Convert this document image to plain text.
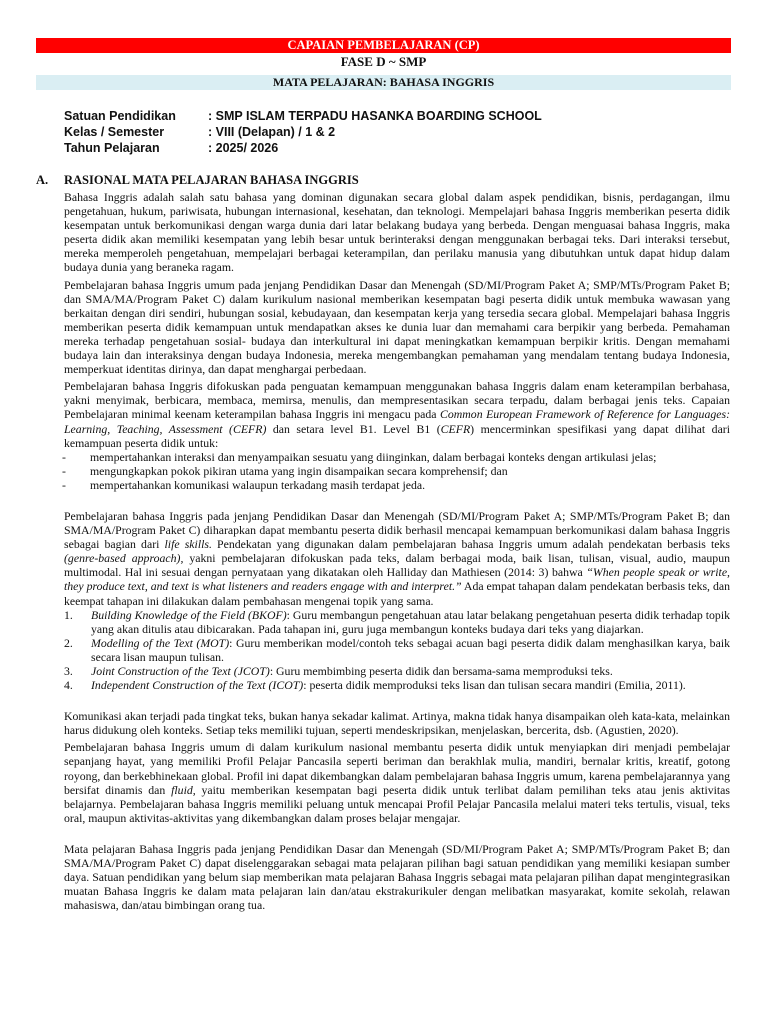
CAPAIAN PEMBELAJARAN (CP)
FASE D ~ SMP
MATA PELAJARAN: BAHASA INGGRIS
Satuan Pendidikan	: SMP ISLAM TERPADU HASANKA BOARDING SCHOOL
Kelas / Semester	: VIII (Delapan) / 1 & 2
Tahun Pelajaran	: 2025/ 2026
A. RASIONAL MATA PELAJARAN BAHASA INGGRIS

Bahasa Inggris adalah salah satu bahasa yang dominan digunakan secara global dalam aspek pendidikan, bisnis, perdagangan, ilmu pengetahuan, hukum, pariwisata, hubungan internasional, kesehatan, dan teknologi. Mempelajari bahasa Inggris memberikan peserta didik kesempatan untuk berkomunikasi dengan warga dunia dari latar belakang budaya yang berbeda. Dengan menguasai bahasa Inggris, maka peserta didik akan memiliki kesempatan yang lebih besar untuk berinteraksi dengan menggunakan berbagai teks. Dari interaksi tersebut, mereka memperoleh pengetahuan, mempelajari berbagai keterampilan, dan perilaku manusia yang dibutuhkan untuk dapat hidup dalam budaya dunia yang beraneka ragam.

Pembelajaran bahasa Inggris umum pada jenjang Pendidikan Dasar dan Menengah (SD/MI/Program Paket A; SMP/MTs/Program Paket B; dan SMA/MA/Program Paket C) dalam kurikulum nasional memberikan kesempatan bagi peserta didik untuk membuka wawasan yang berkaitan dengan diri sendiri, hubungan sosial, kebudayaan, dan kesempatan kerja yang tersedia secara global. Mempelajari bahasa Inggris memberikan peserta didik kemampuan untuk mendapatkan akses ke dunia luar dan memahami cara berpikir yang berbeda. Pemahaman mereka terhadap pengetahuan sosial- budaya dan interkultural ini dapat meningkatkan kemampuan berpikir kritis. Dengan memahami budaya lain dan interaksinya dengan budaya Indonesia, mereka mengembangkan pemahaman yang mendalam tentang budaya Indonesia, memperkuat identitas dirinya, dan dapat menghargai perbedaan.

Pembelajaran bahasa Inggris difokuskan pada penguatan kemampuan menggunakan bahasa Inggris dalam enam keterampilan berbahasa, yakni menyimak, berbicara, membaca, memirsa, menulis, dan mempresentasikan secara terpadu, dalam berbagai jenis teks. Capaian Pembelajaran minimal keenam keterampilan bahasa Inggris ini mengacu pada Common European Framework of Reference for Languages: Learning, Teaching, Assessment (CEFR) dan setara level B1. Level B1 (CEFR) mencerminkan spesifikasi yang dapat dilihat dari kemampuan peserta didik untuk:

- mempertahankan interaksi dan menyampaikan sesuatu yang diinginkan, dalam berbagai konteks dengan artikulasi jelas;
- mengungkapkan pokok pikiran utama yang ingin disampaikan secara komprehensif; dan
- mempertahankan komunikasi walaupun terkadang masih terdapat jeda.

Pembelajaran bahasa Inggris pada jenjang Pendidikan Dasar dan Menengah (SD/MI/Program Paket A; SMP/MTs/Program Paket B; dan SMA/MA/Program Paket C) diharapkan dapat membantu peserta didik berhasil mencapai kemampuan berkomunikasi dalam bahasa Inggris sebagai bagian dari life skills. Pendekatan yang digunakan dalam pembelajaran bahasa Inggris umum adalah pendekatan berbasis teks (genre-based approach), yakni pembelajaran difokuskan pada teks, dalam berbagai moda, baik lisan, tulisan, visual, audio, maupun multimodal. Hal ini sesuai dengan pernyataan yang dikatakan oleh Halliday dan Mathiesen (2014: 3) bahwa “When people speak or write, they produce text, and text is what listeners and readers engage with and interpret.” Ada empat tahapan dalam pendekatan berbasis teks, dan keempat tahapan ini dilakukan dalam pembahasan mengenai topik yang sama.

1. Building Knowledge of the Field (BKOF): Guru membangun pengetahuan atau latar belakang pengetahuan peserta didik terhadap topik yang akan ditulis atau dibicarakan. Pada tahapan ini, guru juga membangun konteks budaya dari teks yang diajarkan.
2. Modelling of the Text (MOT): Guru memberikan model/contoh teks sebagai acuan bagi peserta didik dalam menghasilkan karya, baik secara lisan maupun tulisan.
3. Joint Construction of the Text (JCOT): Guru membimbing peserta didik dan bersama-sama memproduksi teks.
4. Independent Construction of the Text (ICOT): peserta didik memproduksi teks lisan dan tulisan secara mandiri (Emilia, 2011).

Komunikasi akan terjadi pada tingkat teks, bukan hanya sekadar kalimat. Artinya, makna tidak hanya disampaikan oleh kata-kata, melainkan harus didukung oleh konteks. Setiap teks memiliki tujuan, seperti mendeskripsikan, menjelaskan, bercerita, dsb. (Agustien, 2020).

Pembelajaran bahasa Inggris umum di dalam kurikulum nasional membantu peserta didik untuk menyiapkan diri menjadi pembelajar sepanjang hayat, yang memiliki Profil Pelajar Pancasila seperti beriman dan berakhlak mulia, mandiri, bernalar kritis, kreatif, gotong royong, dan berkebhinekaan global. Profil ini dapat dikembangkan dalam pembelajaran bahasa Inggris umum, karena pembelajarannya yang bersifat dinamis dan fluid, yaitu memberikan kesempatan bagi peserta didik untuk terlibat dalam pemilihan teks atau jenis aktivitas belajarnya. Pembelajaran bahasa Inggris memiliki peluang untuk mencapai Profil Pelajar Pancasila melalui materi teks tertulis, visual, teks oral, maupun aktivitas-aktivitas yang dikembangkan dalam proses belajar mengajar.

Mata pelajaran Bahasa Inggris pada jenjang Pendidikan Dasar dan Menengah (SD/MI/Program Paket A; SMP/MTs/Program Paket B; dan SMA/MA/Program Paket C) dapat diselenggarakan sebagai mata pelajaran pilihan bagi satuan pendidikan yang memiliki kesiapan sumber daya. Satuan pendidikan yang belum siap memberikan mata pelajaran Bahasa Inggris sebagai mata pelajaran pilihan dapat mengintegrasikan muatan Bahasa Inggris ke dalam mata pelajaran lain dan/atau ekstrakurikuler dengan melibatkan masyarakat, komite sekolah, relawan mahasiswa, dan/atau bimbingan orang tua.
